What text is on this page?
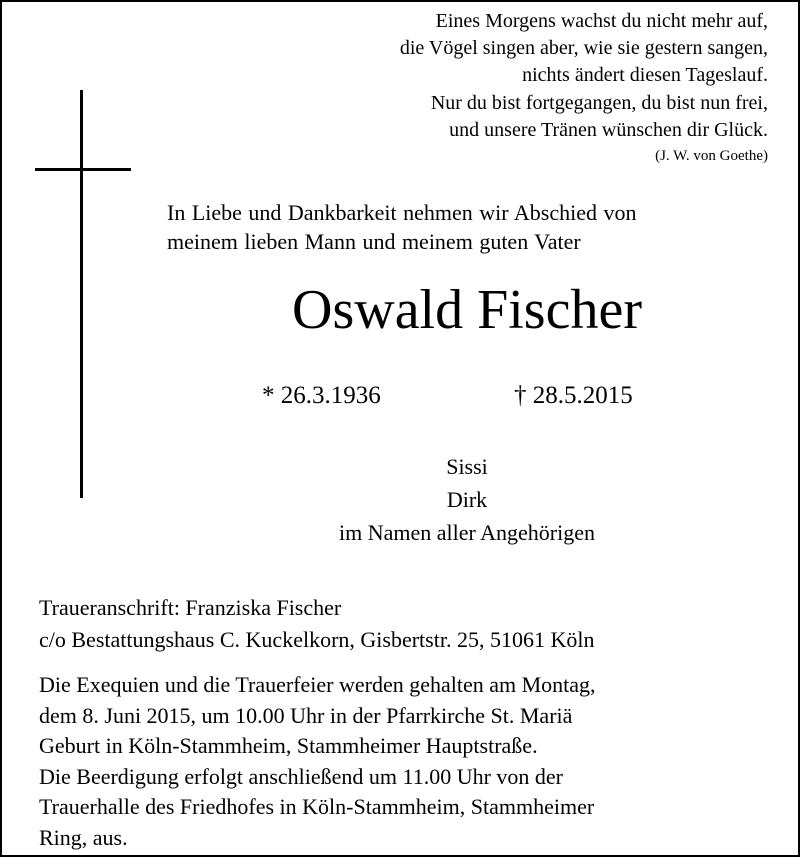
Eines Morgens wachst du nicht mehr auf,
die Vögel singen aber, wie sie gestern sangen,
nichts ändert diesen Tageslauf.
Nur du bist fortgegangen, du bist nun frei,
und unsere Tränen wünschen dir Glück.
(J. W. von Goethe)
In Liebe und Dankbarkeit nehmen wir Abschied von
meinem lieben Mann und meinem guten Vater
Oswald Fischer
* 26.3.1936	† 28.5.2015
Sissi
Dirk
im Namen aller Angehörigen
Traueranschrift: Franziska Fischer
c/o Bestattungshaus C. Kuckelkorn, Gisbertstr. 25, 51061 Köln
Die Exequien und die Trauerfeier werden gehalten am Montag,
dem 8. Juni 2015, um 10.00 Uhr in der Pfarrkirche St. Mariä
Geburt in Köln-Stammheim, Stammheimer Hauptstraße.
Die Beerdigung erfolgt anschließend um 11.00 Uhr von der
Trauerhalle des Friedhofes in Köln-Stammheim, Stammheimer
Ring, aus.
